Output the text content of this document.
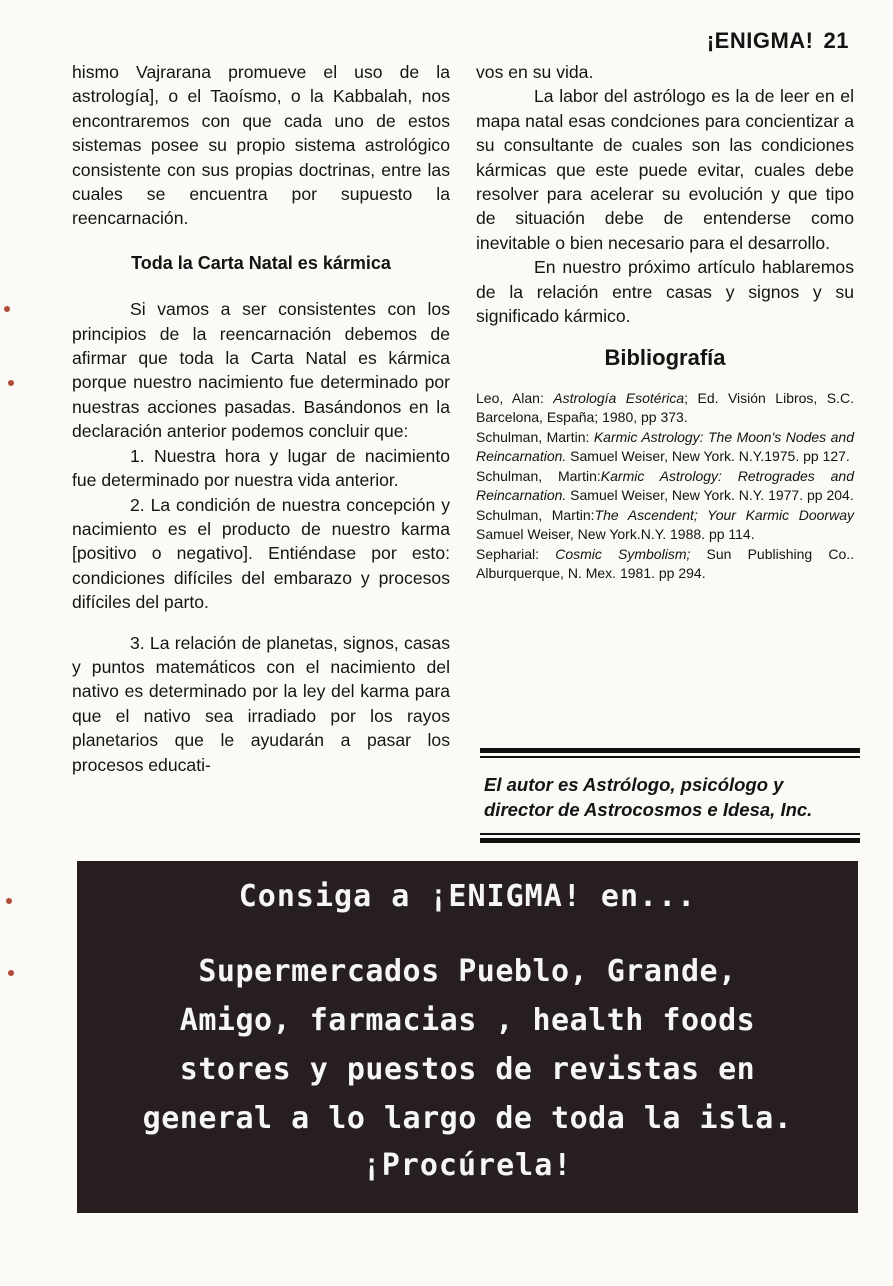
¡ENIGMA! 21

hismo Vajrarana promueve el uso de la astrología], o el Taoísmo, o la Kabbalah, nos encontraremos con que cada uno de estos sistemas posee su propio sistema astrológico consistente con sus propias doctrinas, entre las cuales se encuentra por supuesto la reencarnación.

Toda la Carta Natal es kármica

Si vamos a ser consistentes con los principios de la reencarnación debemos de afirmar que toda la Carta Natal es kármica porque nuestro nacimiento fue determinado por nuestras acciones pasadas. Basándonos en la declaración anterior podemos concluir que:

1. Nuestra hora y lugar de nacimiento fue determinado por nuestra vida anterior.

2. La condición de nuestra concepción y nacimiento es el producto de nuestro karma [positivo o negativo]. Entiéndase por esto: condiciones difíciles del embarazo y procesos difíciles del parto.

3. La relación de planetas, signos, casas y puntos matemáticos con el nacimiento del nativo es determinado por la ley del karma para que el nativo sea irradiado por los rayos planetarios que le ayudarán a pasar los procesos educati-

vos en su vida.

La labor del astrólogo es la de leer en el mapa natal esas condciones para concientizar a su consultante de cuales son las condiciones kármicas que este puede evitar, cuales debe resolver para acelerar su evolución y que tipo de situación debe de entenderse como inevitable o bien necesario para el desarrollo.

En nuestro próximo artículo hablaremos de la relación entre casas y signos y su significado kármico.

Bibliografía

Leo, Alan: Astrología Esotérica; Ed. Visión Libros, S.C. Barcelona, España; 1980, pp 373.

Schulman, Martin: Karmic Astrology: The Moon's Nodes and Reincarnation. Samuel Weiser, New York. N.Y.1975. pp 127.

Schulman, Martin:Karmic Astrology: Retrogrades and Reincarnation. Samuel Weiser, New York. N.Y. 1977. pp 204.

Schulman, Martin:The Ascendent; Your Karmic Doorway Samuel Weiser, New York.N.Y. 1988. pp 114.

Sepharial: Cosmic Symbolism; Sun Publishing Co.. Alburquerque, N. Mex. 1981. pp 294.

El autor es Astrólogo, psicólogo y
director de Astrocosmos e Idesa, Inc.
Consiga a ¡ENIGMA! en...
Supermercados Pueblo, Grande,
Amigo, farmacias , health foods
stores y puestos de revistas en
general a lo largo de toda la isla.
¡Procúrela!
